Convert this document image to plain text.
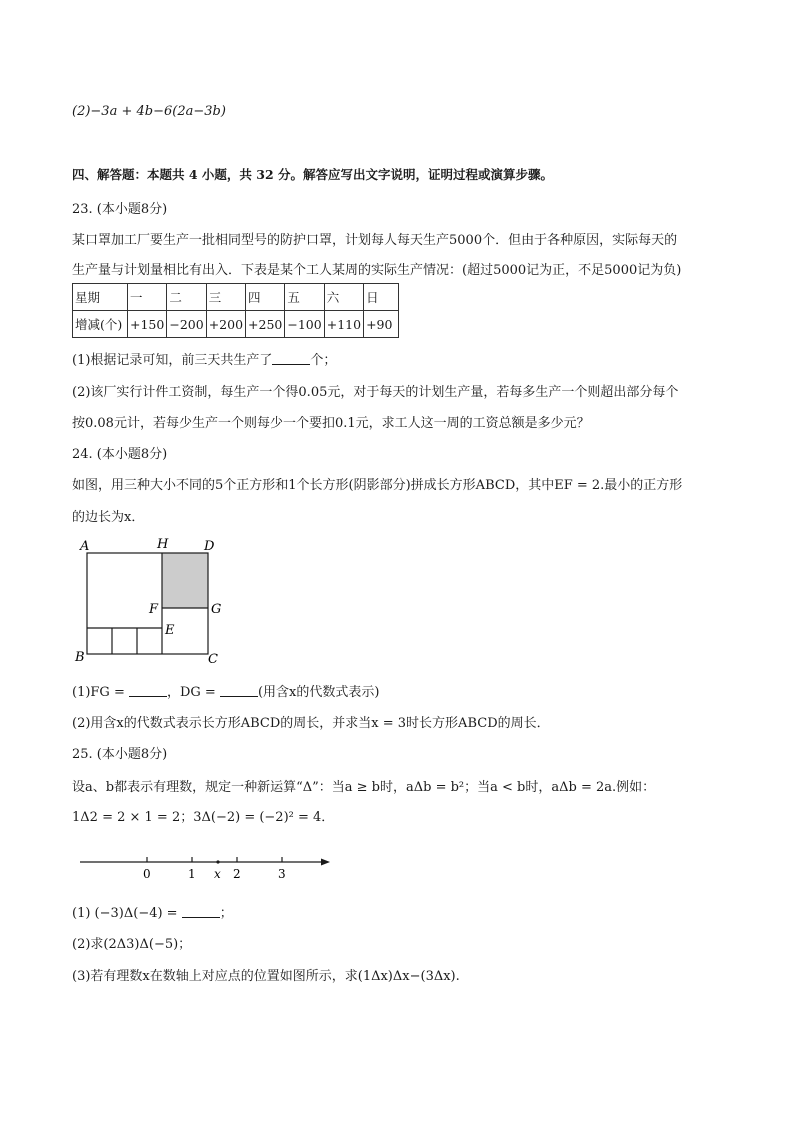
(2)−3a + 4b−6(2a−3b)
四、解答题：本题共 4 小题，共 32 分。解答应写出文字说明，证明过程或演算步骤。
23. (本小题8分)
某口罩加工厂要生产一批相同型号的防护口罩，计划每人每天生产5000个．但由于各种原因，实际每天的
生产量与计划量相比有出入．下表是某个工人某周的实际生产情况：(超过5000记为正，不足5000记为负)
星期	一	二	三	四	五	六	日
增减(个)	+150	−200	+200	+250	−100	+110	+90
(1)根据记录可知，前三天共生产了	个；
(2)该厂实行计件工资制，每生产一个得0.05元，对于每天的计划生产量，若每多生产一个则超出部分每个
按0.08元计，若每少生产一个则每少一个要扣0.1元，求工人这一周的工资总额是多少元？
24. (本小题8分)
如图，用三种大小不同的5个正方形和1个长方形(阴影部分)拼成长方形ABCD，其中EF = 2.最小的正方形
的边长为x．
A	H	D
F	G
E
B	C
(1)FG =	，DG =	(用含x的代数式表示)
(2)用含x的代数式表示长方形ABCD的周长，并求当x = 3时长方形ABCD的周长．
25. (本小题8分)
设a、b都表示有理数，规定一种新运算“Δ”：当a ≥ b时，aΔb = b²；当a < b时，aΔb = 2a.例如：
1Δ2 = 2 × 1 = 2；3Δ(−2) = (−2)² = 4．
0	1 x 2	3
(1) (−3)Δ(−4) =	；
(2)求(2Δ3)Δ(−5)；
(3)若有理数x在数轴上对应点的位置如图所示，求(1Δx)Δx−(3Δx).
